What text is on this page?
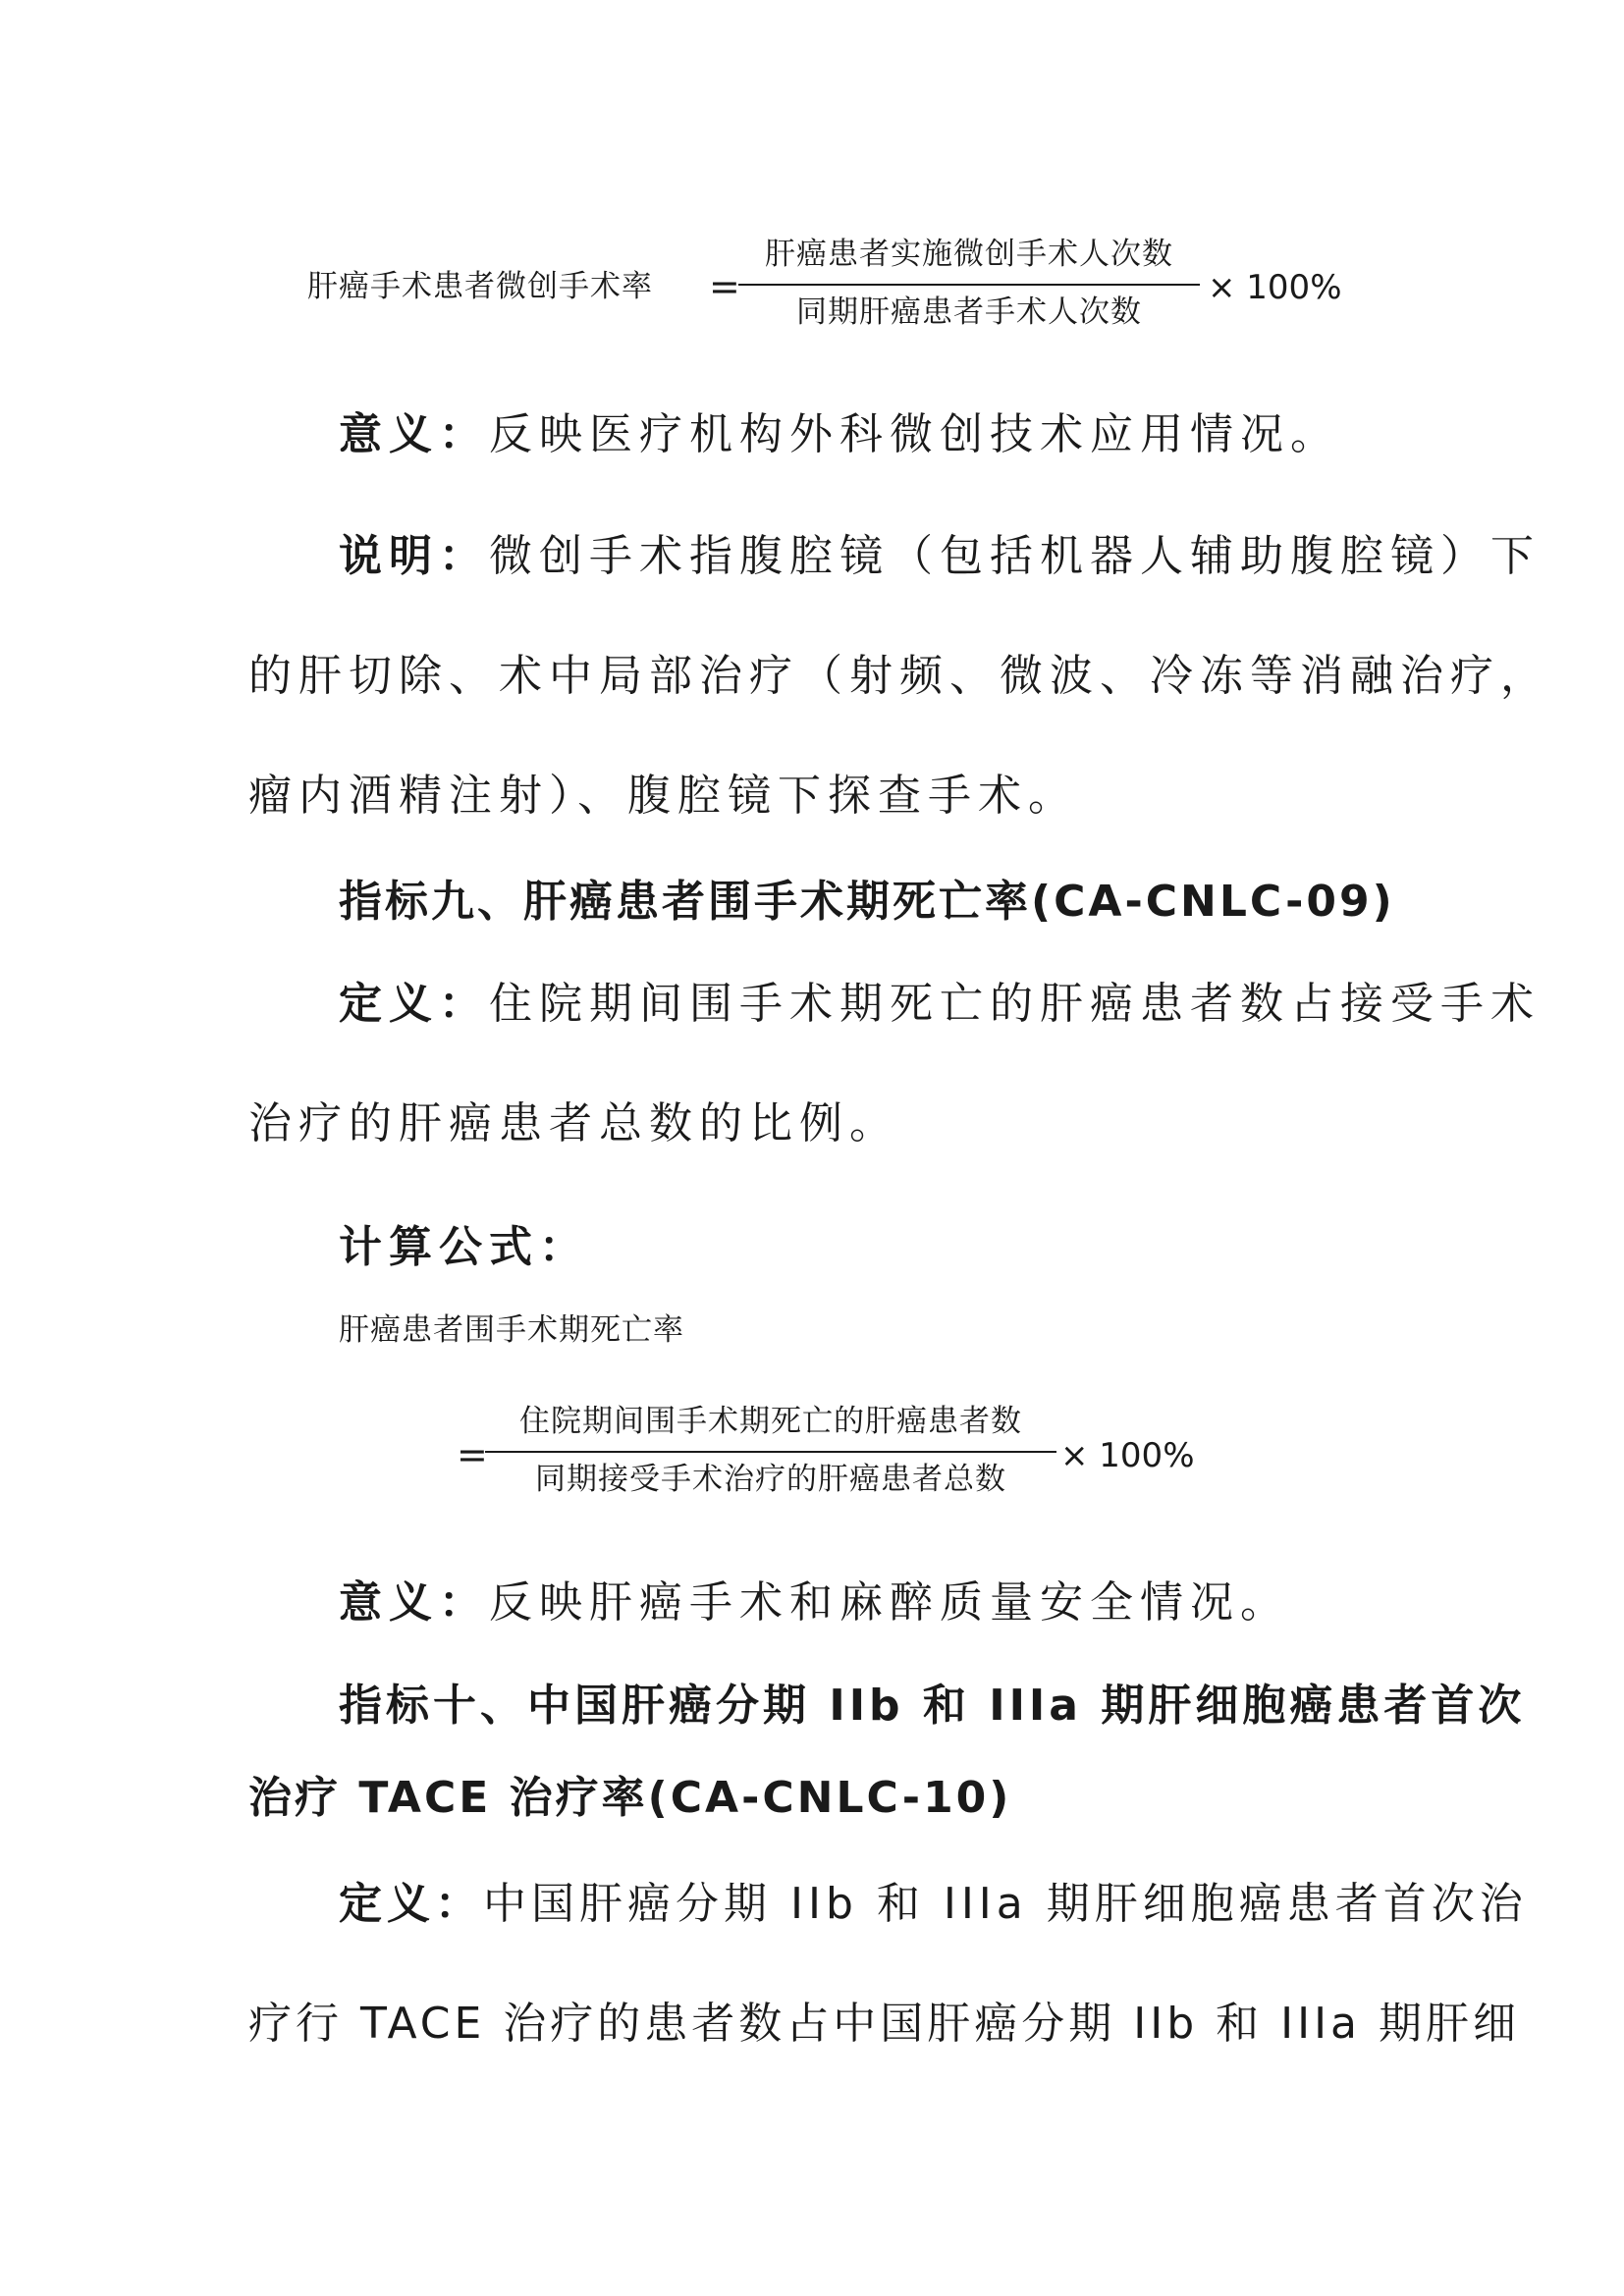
肝癌手术患者微创手术率 =
肝癌患者实施微创手术人次数
同期肝癌患者手术人次数
× 100%
意义：反映医疗机构外科微创技术应用情况。
说明：微创手术指腹腔镜（包括机器人辅助腹腔镜）下
的肝切除、术中局部治疗（射频、微波、冷冻等消融治疗，
瘤内酒精注射）、腹腔镜下探查手术。
指标九、肝癌患者围手术期死亡率(CA-CNLC-09)
定义：住院期间围手术期死亡的肝癌患者数占接受手术
治疗的肝癌患者总数的比例。
计算公式：
肝癌患者围手术期死亡率
=
住院期间围手术期死亡的肝癌患者数
同期接受手术治疗的肝癌患者总数
× 100%
意义：反映肝癌手术和麻醉质量安全情况。
指标十、中国肝癌分期 IIb 和 IIIa 期肝细胞癌患者首次
治疗 TACE 治疗率(CA-CNLC-10)
定义：中国肝癌分期 IIb 和 IIIa 期肝细胞癌患者首次治
疗行 TACE 治疗的患者数占中国肝癌分期 IIb 和 IIIa 期肝细
